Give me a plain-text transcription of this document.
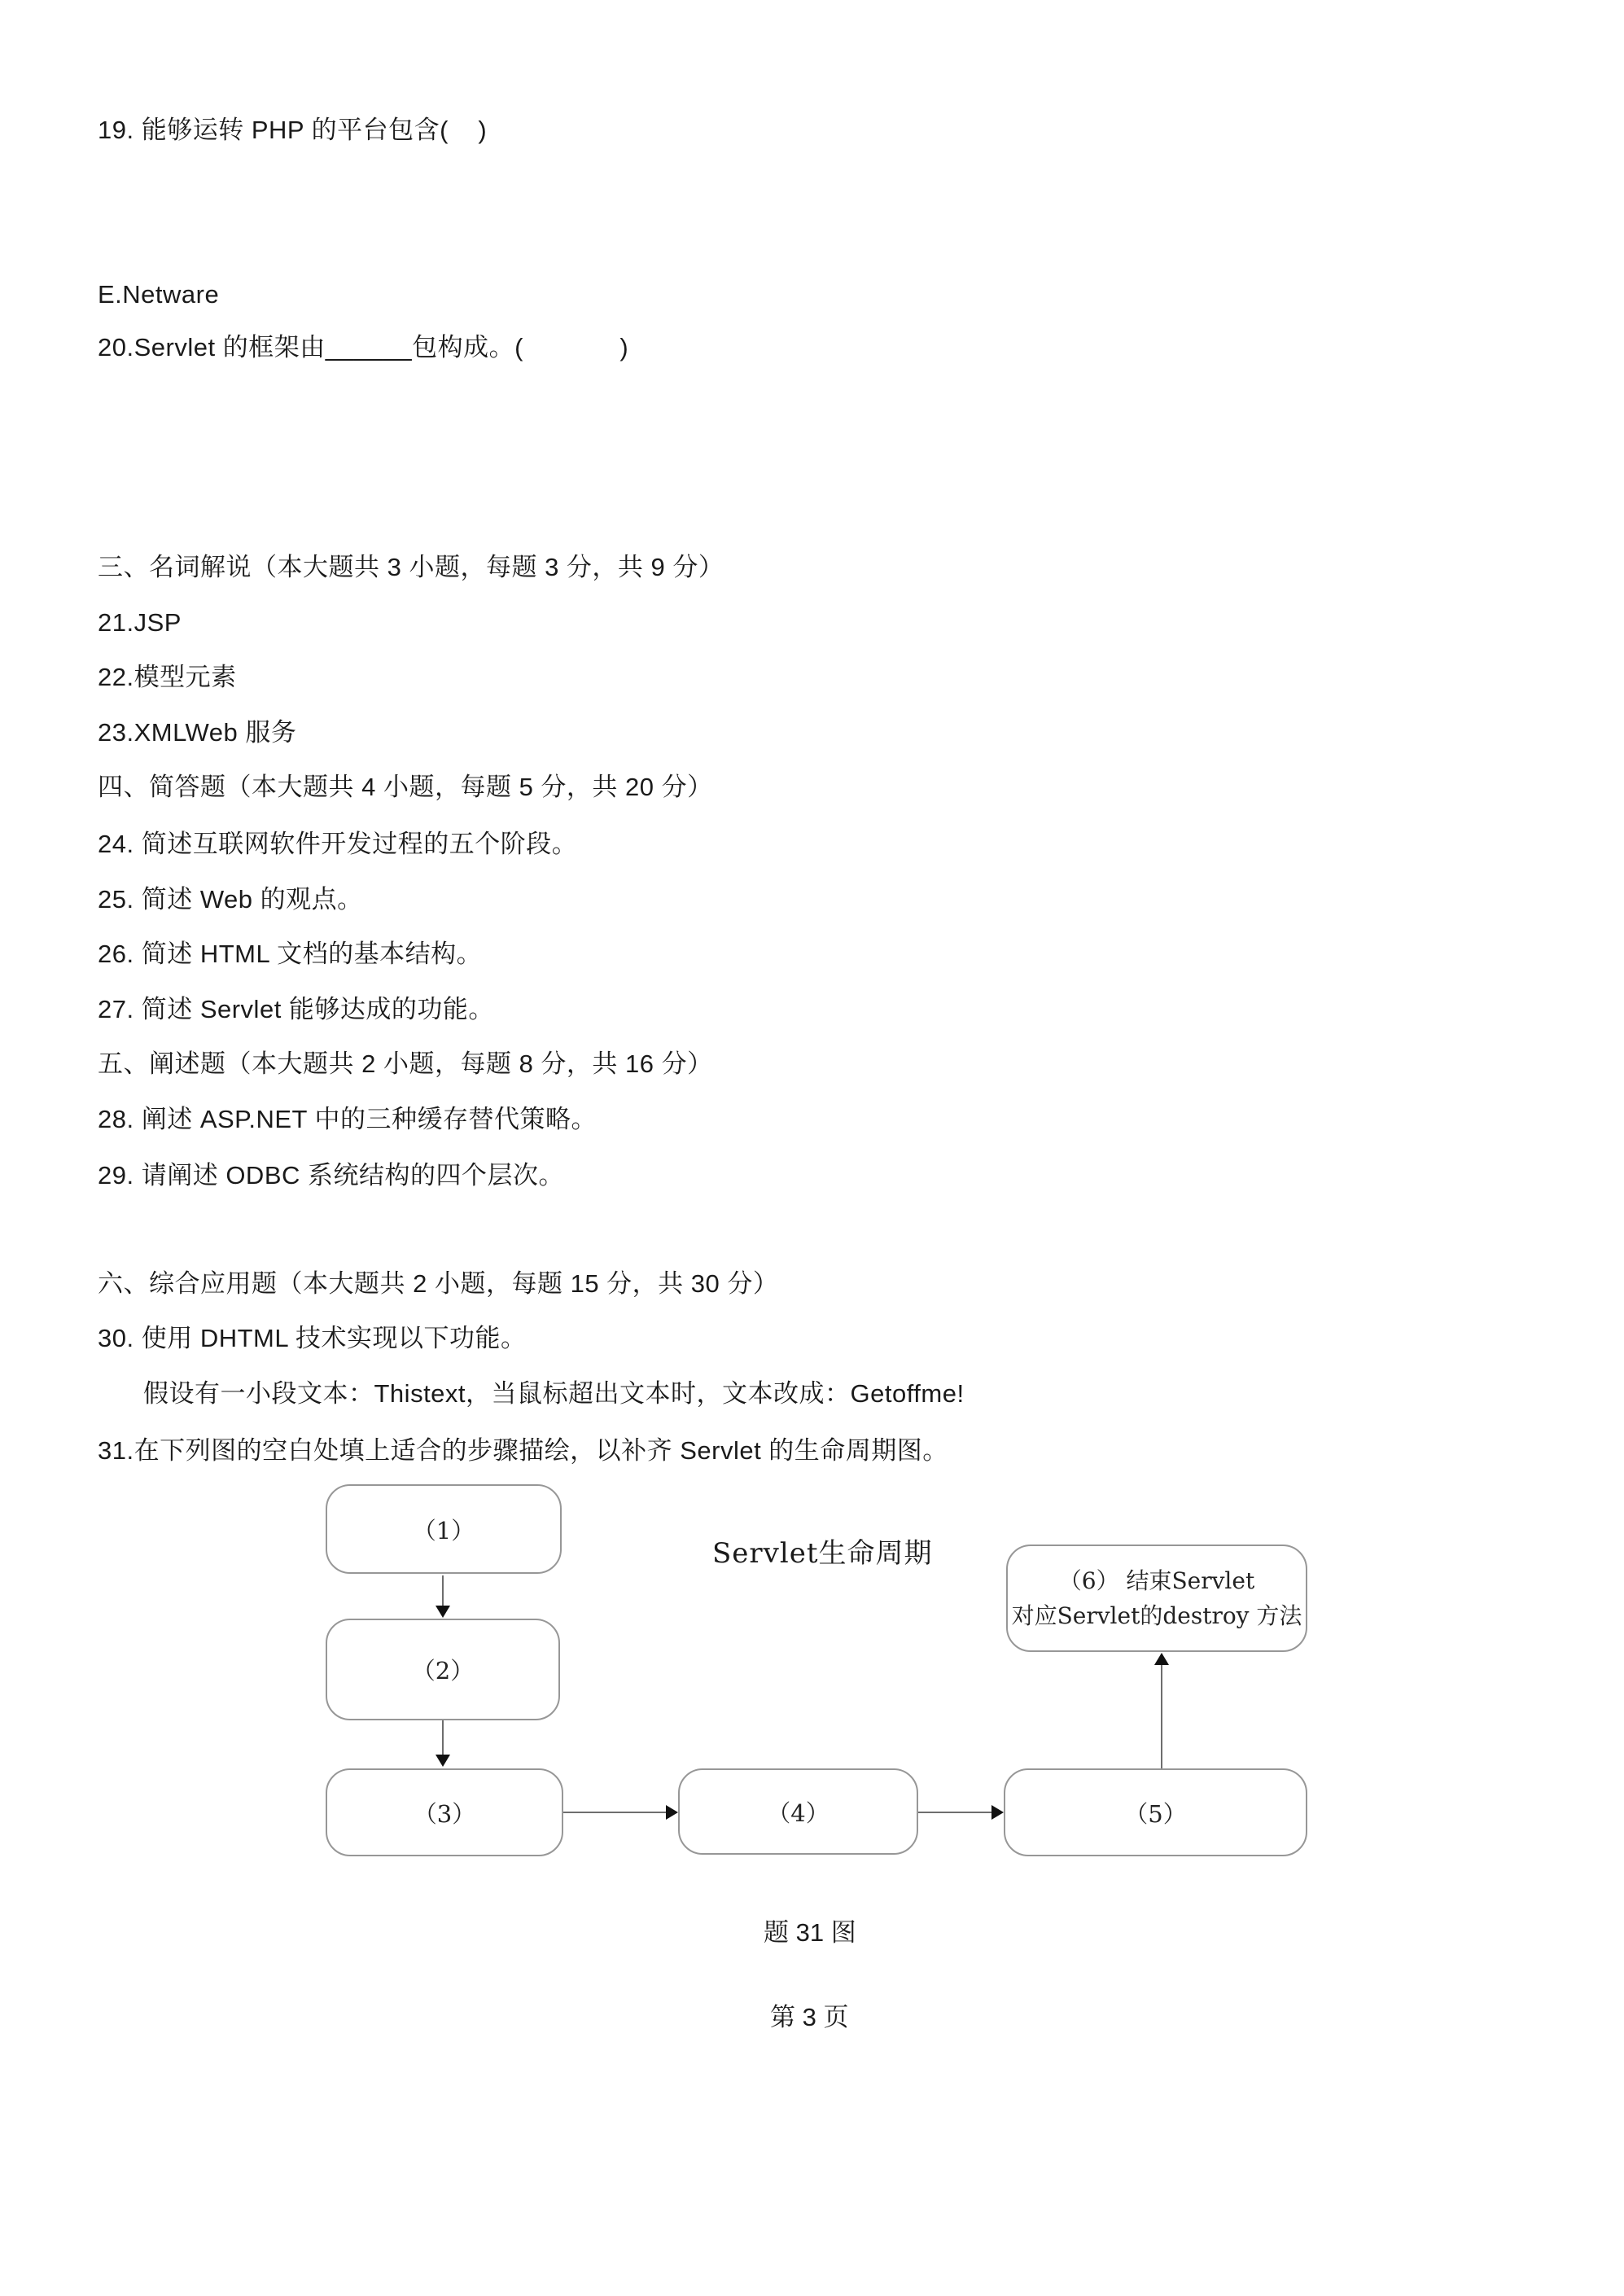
19. 能够运转 PHP 的平台包含(    )
E.Netware
20.Servlet 的框架由______包构成。(             )
三、名词解说（本大题共 3 小题，每题 3 分，共 9 分）
21.JSP
22.模型元素
23.XMLWeb 服务
四、简答题（本大题共 4 小题，每题 5 分，共 20 分）
24. 简述互联网软件开发过程的五个阶段。
25. 简述 Web 的观点。
26. 简述 HTML 文档的基本结构。
27. 简述 Servlet 能够达成的功能。
五、阐述题（本大题共 2 小题，每题 8 分，共 16 分）
28. 阐述 ASP.NET 中的三种缓存替代策略。
29. 请阐述 ODBC 系统结构的四个层次。
六、综合应用题（本大题共 2 小题，每题 15 分，共 30 分）
30. 使用 DHTML 技术实现以下功能。
假设有一小段文本：Thistext，当鼠标超出文本时，文本改成：Getoffme!
31.在下列图的空白处填上适合的步骤描绘，以补齐 Servlet 的生命周期图。
Servlet生命周期
（1）
（2）
（3）	（4）	（5）
（6） 结束Servlet
对应Servlet的destroy 方法
题 31 图
第 3 页
